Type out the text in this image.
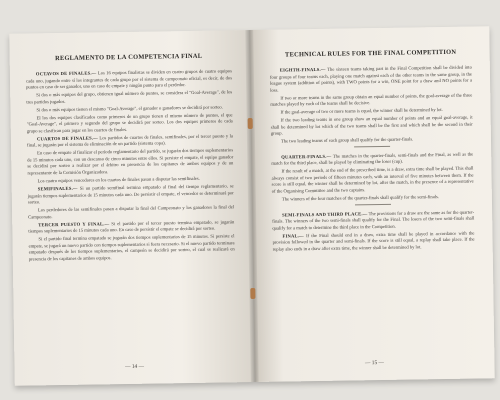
REGLAMENTO DE LA COMPETENCIA FINAL
OCTAVOS DE FINALES.— Los 16 equipos finalistas se dividen en cuatro grupos de cuatro equipos cada uno, jugando entre sí los integrantes de cada grupo por el sistema de campeonato oficial, es decir, de dos puntos en caso de ser ganador, uno en caso de empate y ningún punto para el perdedor.
Si dos o más equipos del grupo, obtienen igual número de puntos, se considera el "Goal-Average", de los tres partidos jugados.
Si dos o más equipos tienen el mismo "Goal-Average", el ganador o ganadores se decidirá por sorteo.
El los dos equipos clasificados como primeros de un grupo tienen el mismo número de puntos, el que "Goal-Average", el primero y segundo del grupo se decidirá por sorteo. Los dos equipos primeros de cada grupo se clasifican para jugar en los cuartos de finales.
CUARTOS DE FINALES.— Los partidos de cuartos de finales, semifinales, por el tercer puesto y la final, se jugarán por el sistema de eliminación de un partido (sistema copa).
En caso de empate al finalizar el período reglamentario del partido, se jugarán dos tiempos suplementarios de 15 minutos cada uno, con un descanso de cinco minutos entre ellos. Si persiste el empate, el equipo ganador se decidirá por sorteo a realizar por el árbitro en presencia de los capitanes de ambos equipos y de un representante de la Comisión Organizadora.
Los cuatro equipos vencedores en los cuartos de finales pasan a disputar las semifinales.
SEMIFINALES.— Si un partido semifinal termina empatado al final del tiempo reglamentario, se jugarán tiempos suplementarios de 15 minutos cada uno. De persistir el empate, el vencedor se determinará por sorteo.
Los perdedores de las semifinales pasan a disputar la final del Campeonato y los ganadores la final del Campeonato.
TERCER PUESTO Y FINAL.— Si el partido por el tercer puesto termina empatado, se jugarán tiempos suplementarios de 15 minutos cada uno. En caso de persistir el empate se decidirá por sorteo.
Si el partido final termina empatado se jugarán dos tiempos suplementarios de 15 minutos. Si persiste el empate, se jugará un nuevo partido con tiempos suplementarios si fuera necesario. Si el nuevo partido terminara empatado después de los tiempos suplementarios, el campeón se decidirá por sorteo, el cual se realizará en presencia de los capitanes de ambos equipos.
— 14 —
TECHNICAL RULES FOR THE FINAL COMPETITION
EIGHTH-FINALS.— The sixteen teams taking part in the Final Competition shall be divided into four groups of four teams each, playing one match against each of the other teams in the same group, in the league system (addition of points), with TWO points for a win, ONE point for a draw and NO points for a loss.
If two or more teams in the same group obtain an equal number of points, the goal-average of the three matches played by each of the teams shall be decisive.
If the goal-average of two or more teams is equal, the winner shall be determined by lot.
If the two leading teams in one group show an equal number of points and an equal goal-average, it shall be determined by lot which of the two teams shall be the first and which shall be the second in their group.
The two leading teams of each group shall qualify for the quarter-finals.
QUARTER-FINALS.— The matches in the quarter-finals, semi-finals and the Final, as well as the match for the third place, shall be played by eliminating the loser (cup).
If the result of a match, at the end of the prescribed time, is a draw, extra time shall be played. This shall always consist of two periods of fifteen minutes each, with an interval of five minutes between them. If the score is still equal, the winner shall be determined by lot, after the match, in the presence of a representative of the Organising Committee and the two captains.
The winners of the four matches of the quarter-finals shall qualify for the semi-finals.
SEMI-FINALS AND THIRD PLACE.— The provisions for a draw are the same as for the quarter-finals. The winners of the two semi-finals shall qualify for the Final. The losers of the two semi-finals shall qualify for a match to determine the third place in the Competition.
FINAL.— If the Final should end in a draw, extra time shall be played in accordance with the provision followed in the quarter and semi-finals. If the score is still equal, a replay shall take place. If the replay also ends in a draw after extra time, the winner shall be determined by lot.
— 15 —
